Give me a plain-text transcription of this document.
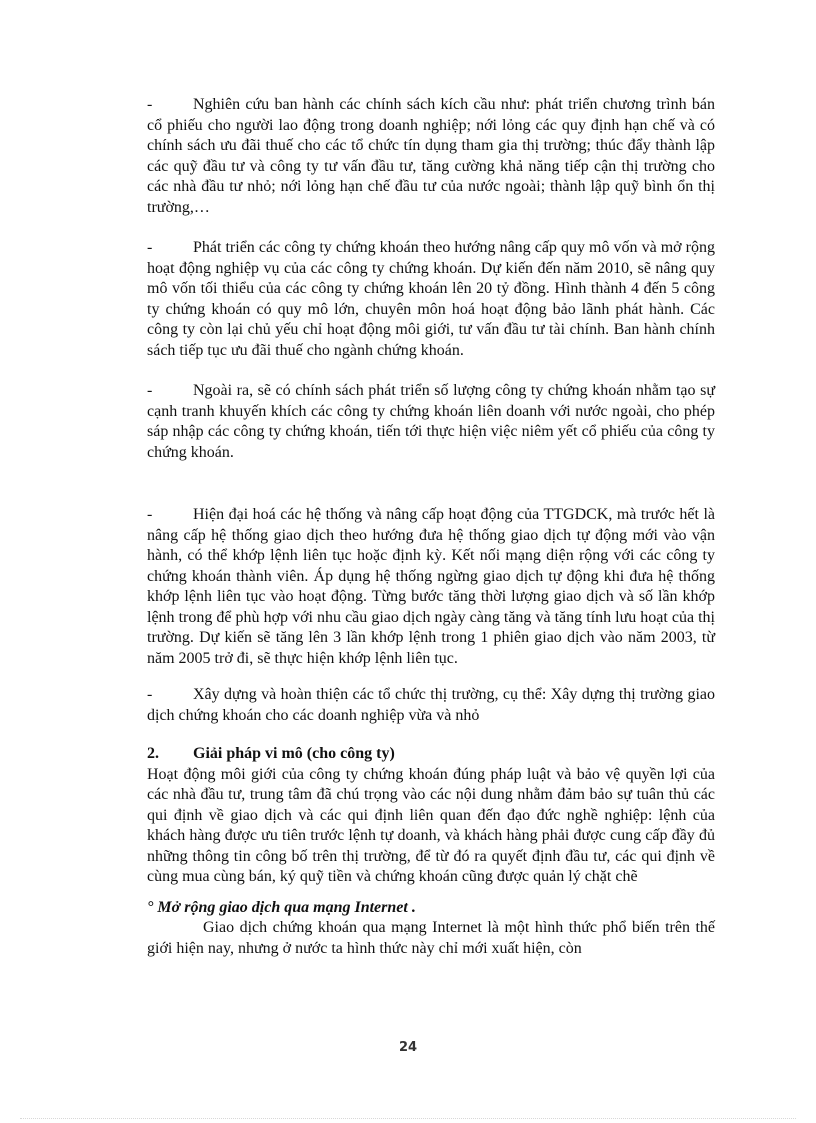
-	Nghiên cứu ban hành các chính sách kích cầu như: phát triển chương trình bán cổ phiếu cho người lao động trong doanh nghiệp; nới lỏng các quy định hạn chế và có chính sách ưu đãi thuế cho các tổ chức tín dụng tham gia thị trường; thúc đẩy thành lập các quỹ đầu tư và công ty tư vấn đầu tư, tăng cường khả năng tiếp cận thị trường cho các nhà đầu tư nhỏ; nới lỏng hạn chế đầu tư của nước ngoài; thành lập quỹ bình ổn thị trường,…

-	Phát triển các công ty chứng khoán theo hướng nâng cấp quy mô vốn và mở rộng hoạt động nghiệp vụ của các công ty chứng khoán. Dự kiến đến năm 2010, sẽ nâng quy mô vốn tối thiểu của các công ty chứng khoán lên 20 tỷ đồng. Hình thành 4 đến 5 công ty chứng khoán có quy mô lớn, chuyên môn hoá hoạt động bảo lãnh phát hành. Các công ty còn lại chủ yếu chỉ hoạt động môi giới, tư vấn đầu tư tài chính. Ban hành chính sách tiếp tục ưu đãi thuế cho ngành chứng khoán.

-	Ngoài ra, sẽ có chính sách phát triển số lượng công ty chứng khoán nhằm tạo sự cạnh tranh khuyến khích các công ty chứng khoán liên doanh với nước ngoài, cho phép sáp nhập các công ty chứng khoán, tiến tới thực hiện việc niêm yết cổ phiếu của công ty chứng khoán.

-	Hiện đại hoá các hệ thống và nâng cấp hoạt động của TTGDCK, mà trước hết là nâng cấp hệ thống giao dịch theo hướng đưa hệ thống giao dịch tự động mới vào vận hành, có thể khớp lệnh liên tục hoặc định kỳ. Kết nối mạng diện rộng với các công ty chứng khoán thành viên. Áp dụng hệ thống ngừng giao dịch tự động khi đưa hệ thống khớp lệnh liên tục vào hoạt động. Từng bước tăng thời lượng giao dịch và số lần khớp lệnh trong để phù hợp với nhu cầu giao dịch ngày càng tăng và tăng tính lưu hoạt của thị trường. Dự kiến sẽ tăng lên 3 lần khớp lệnh trong 1 phiên giao dịch vào năm 2003, từ năm 2005 trở đi, sẽ thực hiện khớp lệnh liên tục.

-	Xây dựng và hoàn thiện các tổ chức thị trường, cụ thể: Xây dựng thị trường giao dịch chứng khoán cho các doanh nghiệp vừa và nhỏ

2. Giải pháp vi mô (cho công ty)

Hoạt động môi giới của công ty chứng khoán đúng pháp luật và bảo vệ quyền lợi của các nhà đầu tư, trung tâm đã chú trọng vào các nội dung nhằm đảm bảo sự tuân thủ các qui định về giao dịch và các qui định liên quan đến đạo đức nghề nghiệp: lệnh của khách hàng được ưu tiên trước lệnh tự doanh, và khách hàng phải được cung cấp đầy đủ những thông tin công bố trên thị trường, để từ đó ra quyết định đầu tư, các qui định về cùng mua cùng bán, ký quỹ tiền và chứng khoán cũng được quản lý chặt chẽ

° Mở rộng giao dịch qua mạng Internet .

Giao dịch chứng khoán qua mạng Internet là một hình thức phổ biến trên thế giới hiện nay, nhưng ở nước ta hình thức này chỉ mới xuất hiện, còn

24
